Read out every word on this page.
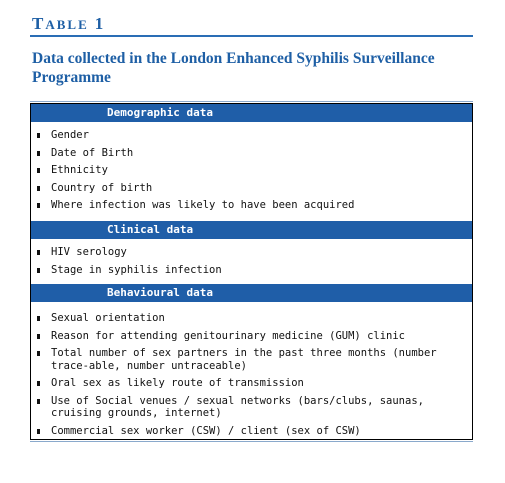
TABLE 1
Data collected in the London Enhanced Syphilis Surveillance Programme
Demographic data
Gender
Date of Birth
Ethnicity
Country of birth
Where infection was likely to have been acquired
Clinical data
HIV serology
Stage in syphilis infection
Behavioural data
Sexual orientation
Reason for attending genitourinary medicine (GUM) clinic
Total number of sex partners in the past three months (number trace-able, number untraceable)
Oral sex as likely route of transmission
Use of Social venues / sexual networks (bars/clubs, saunas, cruising grounds, internet)
Commercial sex worker (CSW) / client (sex of CSW)
